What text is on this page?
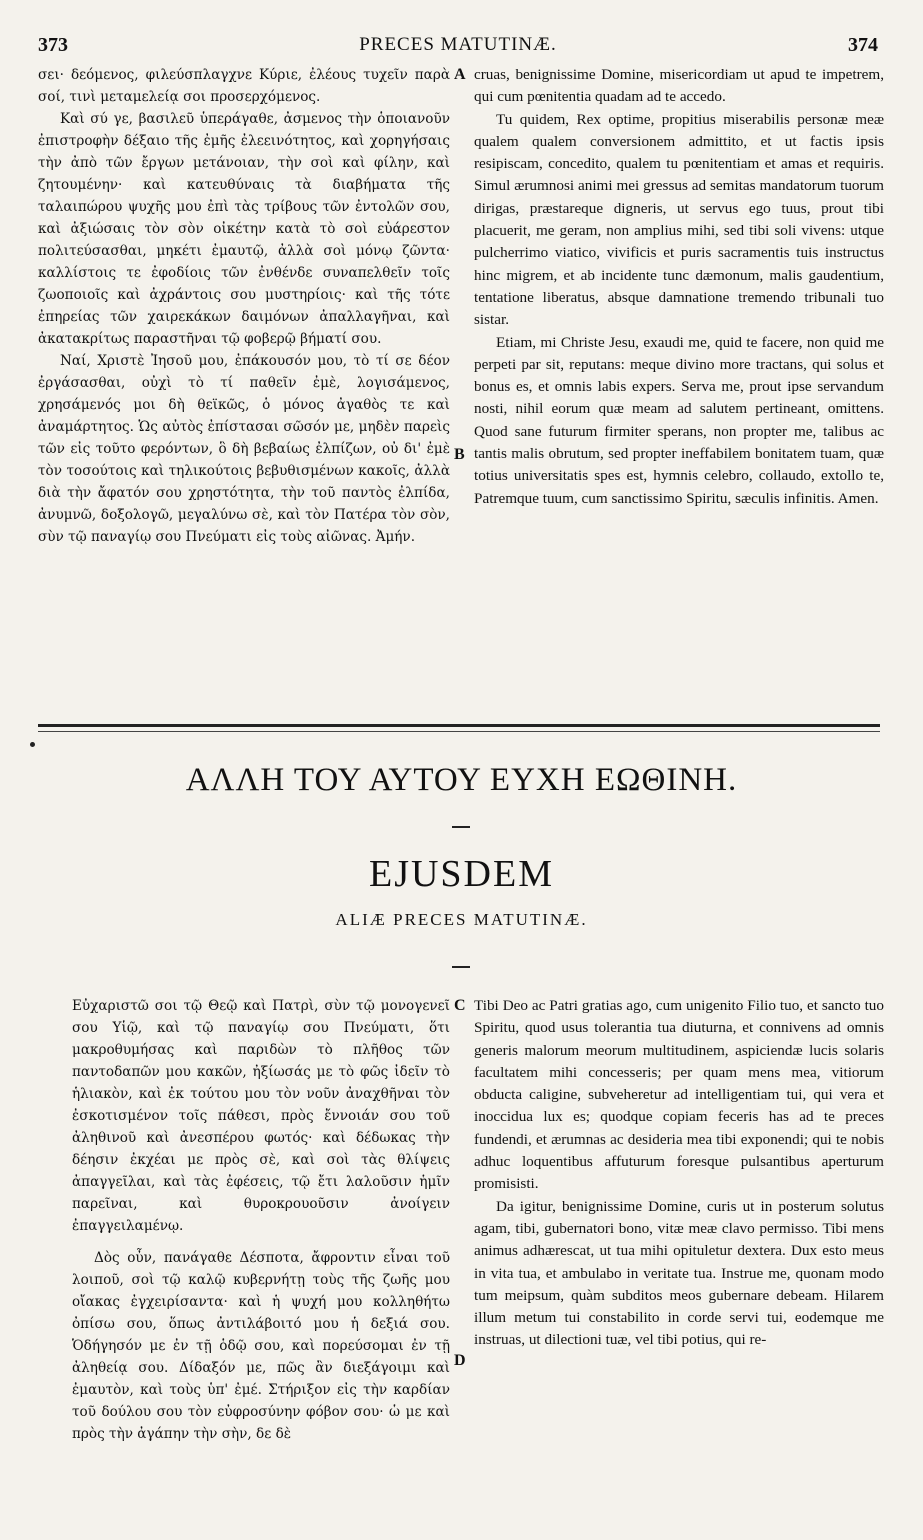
PRECES MATUTINÆ.
373	374

σει· δεόμενος, φιλεύσπλαγχνε Κύριε, ἐλέους τυχεῖν παρὰ σοί, τινὶ μεταμελείᾳ σοι προσερχόμενος.

Καὶ σύ γε, βασιλεῦ ὑπεράγαθε, ἀσμενος τὴν ὁποιανοῦν ἐπιστροφὴν δέξαιο τῆς ἐμῆς ἐλεεινότητος, καὶ χορηγήσαις τὴν ἀπὸ τῶν ἔργων μετάνοιαν, τὴν σοὶ καὶ φίλην, καὶ ζητουμένην· καὶ κατευθύναις τὰ διαβήματα τῆς ταλαιπώρου ψυχῆς μου ἐπὶ τὰς τρίβους τῶν ἐντολῶν σου, καὶ ἀξιώσαις τὸν σὸν οἰκέτην κατὰ τὸ σοὶ εὐάρεστον πολιτεύσασθαι, μηκέτι ἐμαυτῷ, ἀλλὰ σοὶ μόνῳ ζῶντα· καλλίστοις τε ἐφοδίοις τῶν ἐνθένδε συναπελθεῖν τοῖς ζωοποιοῖς καὶ ἀχράντοις σου μυστηρίοις· καὶ τῆς τότε ἐπηρείας τῶν χαιρεκάκων δαιμόνων ἀπαλλαγῆναι, καὶ ἀκατακρίτως παραστῆναι τῷ φοβερῷ βήματί σου.

Ναί, Χριστὲ Ἰησοῦ μου, ἐπάκουσόν μου, τὸ τί σε δέον ἐργάσασθαι, οὐχὶ τὸ τί παθεῖν ἐμὲ, λογισάμενος, χρησάμενός μοι δὴ θεϊκῶς, ὁ μόνος ἀγαθὸς τε καὶ ἀναμάρτητος. Ὡς αὐτὸς ἐπίστασαι σῶσόν με, μηδὲν παρεὶς τῶν εἰς τοῦτο φερόντων, ὃ δὴ βεβαίως ἐλπίζων, οὐ δι' ἐμὲ τὸν τοσούτοις καὶ τηλικούτοις βεβυθισμένων κακοῖς, ἀλλὰ διὰ τὴν ἄφατόν σου χρηστότητα, τὴν τοῦ παντὸς ἐλπίδα, ἀνυμνῶ, δοξολογῶ, μεγαλύνω σὲ, καὶ τὸν Πατέρα τὸν σὸν, σὺν τῷ παναγίῳ σου Πνεύματι εἰς τοὺς αἰῶνας. Ἀμήν.

cruas, benignissime Domine, misericordiam ut apud te impetrem, qui cum pœnitentia quadam ad te accedo.

Tu quidem, Rex optime, propitius miserabilis personæ meæ qualem qualem conversionem admittito, et ut factis ipsis resipiscam, concedito, qualem tu pœnitentiam et amas et requiris. Simul ærumnosi animi mei gressus ad semitas mandatorum tuorum dirigas, præstareque digneris, ut servus ego tuus, prout tibi placuerit, me geram, non amplius mihi, sed tibi soli vivens: utque pulcherrimo viatico, vivificis et puris sacramentis tuis instructus hinc migrem, et ab incidente tunc dæmonum, malis gaudentium, tentatione liberatus, absque damnatione tremendo tribunali tuo sistar.

Etiam, mi Christe Jesu, exaudi me, quid te facere, non quid me perpeti par sit, reputans: meque divino more tractans, qui solus et bonus es, et omnis labis expers. Serva me, prout ipse servandum nosti, nihil eorum quæ meam ad salutem pertineant, omittens. Quod sane futurum firmiter sperans, non propter me, talibus ac tantis malis obrutum, sed propter ineffabilem bonitatem tuam, quæ totius universitatis spes est, hymnis celebro, collaudo, extollo te, Patremque tuum, cum sanctissimo Spiritu, sæculis infinitis. Amen.

A
B
C
D
ΑΛΛΗ ΤΟΥ ΑΥΤΟΥ ΕΥΧΗ ΕΩΘΙΝΗ.
EJUSDEM
ALIÆ PRECES MATUTINÆ.

Εὐχαριστῶ σοι τῷ Θεῷ καὶ Πατρὶ, σὺν τῷ μονογενεῖ σου Υἱῷ, καὶ τῷ παναγίῳ σου Πνεύματι, ὅτι μακροθυμήσας καὶ παριδὼν τὸ πλῆθος τῶν παντοδαπῶν μου κακῶν, ἠξίωσάς με τὸ φῶς ἰδεῖν τὸ ἡλιακὸν, καὶ ἐκ τούτου μου τὸν νοῦν ἀναχθῆναι τὸν ἐσκοτισμένον τοῖς πάθεσι, πρὸς ἔννοιάν σου τοῦ ἀληθινοῦ καὶ ἀνεσπέρου φωτός· καὶ δέδωκας τὴν δέησιν ἐκχέαι με πρὸς σὲ, καὶ σοὶ τὰς θλίψεις ἀπαγγεῖλαι, καὶ τὰς ἐφέσεις, τῷ ἔτι λαλοῦσιν ἡμῖν παρεῖναι, καὶ θυροκρουοῦσιν ἀνοίγειν ἐπαγγειλαμένῳ.

Δὸς οὖν, πανάγαθε Δέσποτα, ἄφροντιν εἶναι τοῦ λοιποῦ, σοὶ τῷ καλῷ κυβερνήτῃ τοὺς τῆς ζωῆς μου οἴακας ἐγχειρίσαντα· καὶ ἡ ψυχή μου κολληθήτω ὀπίσω σου, ὅπως ἀντιλάβοιτό μου ἡ δεξιά σου. Ὁδήγησόν με ἐν τῇ ὁδῷ σου, καὶ πορεύσομαι ἐν τῇ ἀληθείᾳ σου. Δίδαξόν με, πῶς ἂν διεξάγοιμι καὶ ἐμαυτὸν, καὶ τοὺς ὑπ' ἐμέ. Στήριξον εἰς τὴν καρδίαν τοῦ δούλου σου τὸν εὐφροσύνην φόβον σου· ὡ με καὶ πρὸς τὴν ἀγάπην τὴν σὴν, δε δὲ

Tibi Deo ac Patri gratias ago, cum unigenito Filio tuo, et sancto tuo Spiritu, quod usus tolerantia tua diuturna, et connivens ad omnis generis malorum meorum multitudinem, aspiciendæ lucis solaris facultatem mihi concesseris; per quam mens mea, vitiorum obducta caligine, subveheretur ad intelligentiam tui, qui vera et inoccidua lux es; quodque copiam feceris has ad te preces fundendi, et ærumnas ac desideria mea tibi exponendi; qui te nobis adhuc loquentibus affuturum foresque pulsantibus aperturum promisisti.

Da igitur, benignissime Domine, curis ut in posterum solutus agam, tibi, gubernatori bono, vitæ meæ clavo permisso. Tibi mens animus adhærescat, ut tua mihi opituletur dextera. Dux esto meus in vita tua, et ambulabo in veritate tua. Instrue me, quonam modo tum meipsum, quàm subditos meos gubernare debeam. Hilarem illum metum tui constabilito in corde servi tui, eodemque me instruas, ut dilectioni tuæ, vel tibi potius, qui re-
